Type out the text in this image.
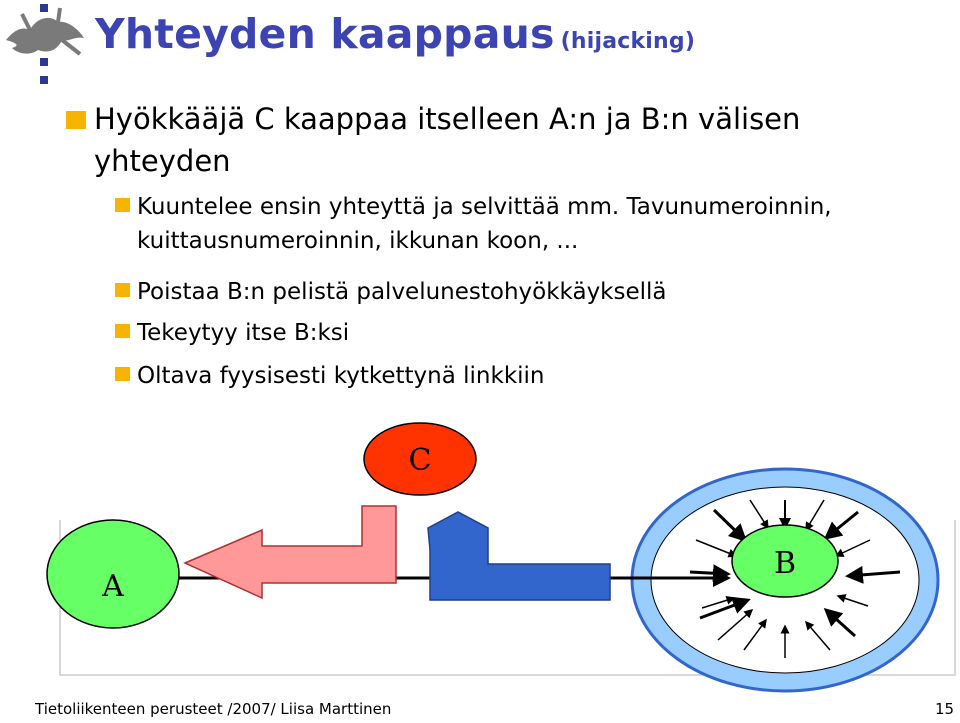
Yhteyden kaappaus (hijacking)
Hyökkääjä C kaappaa itselleen A:n ja B:n välisen yhteyden
Kuuntelee ensin yhteyttä ja selvittää mm. Tavunumeroinnin, kuittausnumeroinnin, ikkunan koon, ...
Poistaa B:n pelistä palvelunestohyökkäyksellä
Tekeytyy itse B:ksi
Oltava fyysisesti kytkettynä linkkiin
B
A
C
Tietoliikenteen perusteet /2007/ Liisa Marttinen	15
